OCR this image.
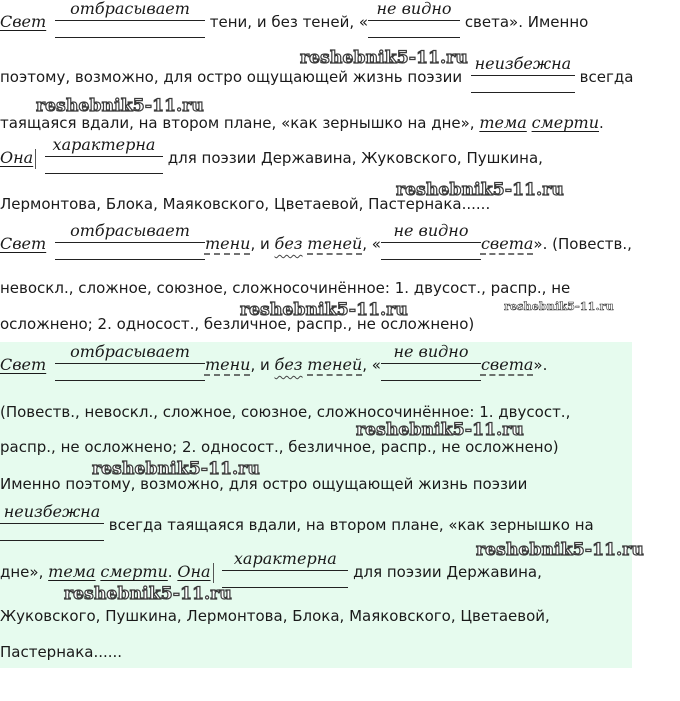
Свет
отбрасывает
тени, и без теней, «
не видно
света». Именно
поэтому, возможно, для остро ощущающей жизнь поэзии
неизбежна
всегда
таящаяся вдали, на втором плане, «как зернышко на дне», тема смерти.
Она
характерна
для поэзии Державина, Жуковского, Пушкина,
Лермонтова, Блока, Маяковского, Цветаевой, Пастернака......
Свет
отбрасывает
тени, и без теней, «
не видно
света». (Повеств.,
невоскл., сложное, союзное, сложносочинённое: 1. двусост., распр., не
осложнено; 2. односост., безличное, распр., не осложнено)
Свет
отбрасывает
тени, и без теней, «
не видно
света».
(Повеств., невоскл., сложное, союзное, сложносочинённое: 1. двусост.,
распр., не осложнено; 2. односост., безличное, распр., не осложнено)
Именно поэтому, возможно, для остро ощущающей жизнь поэзии
неизбежна
всегда таящаяся вдали, на втором плане, «как зернышко на
дне», тема смерти. Она
характерна
для поэзии Державина,
Жуковского, Пушкина, Лермонтова, Блока, Маяковского, Цветаевой,
Пастернака......
reshebnik5-11.ru
reshebnik5-11.ru
reshebnik5-11.ru
reshebnik5-11.ru	reshebnik5-11.ru
reshebnik5-11.ru
reshebnik5-11.ru
reshebnik5-11.ru
reshebnik5-11.ru
